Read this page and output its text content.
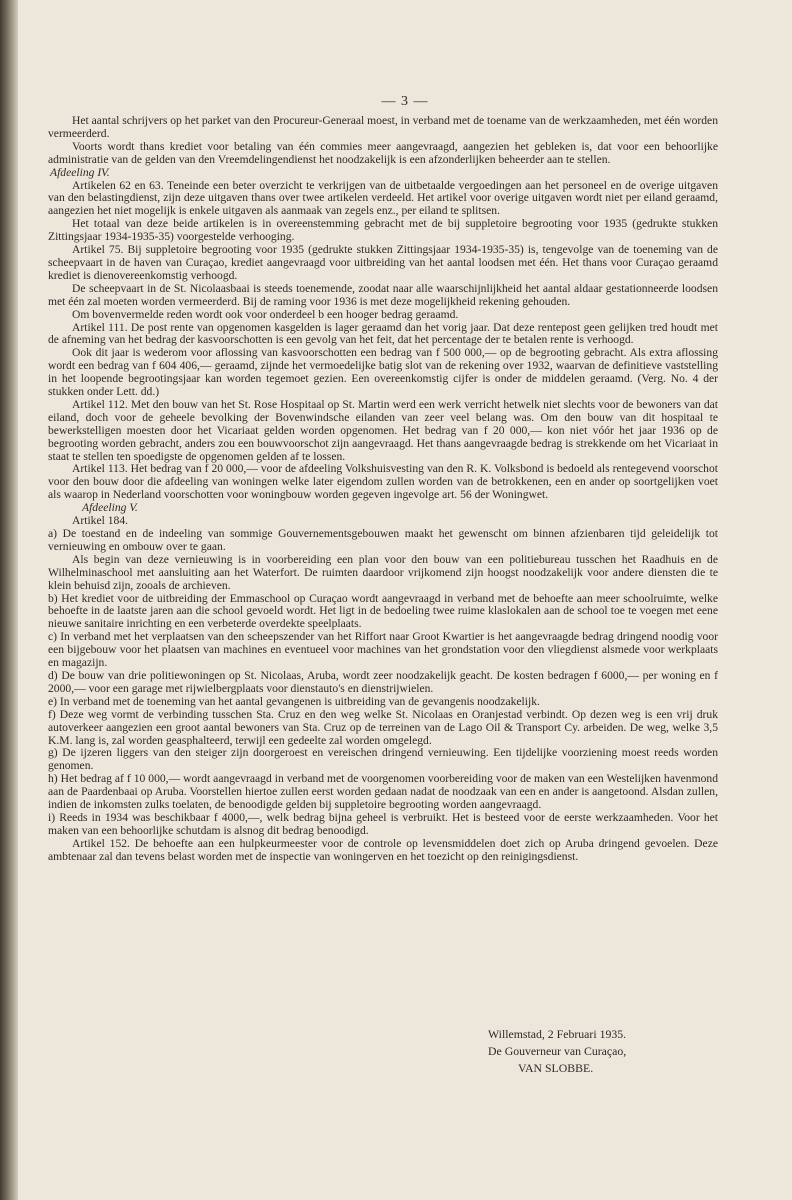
— 3 —

Het aantal schrijvers op het parket van den Procureur-Generaal moest, in verband met de toename van de werkzaamheden, met één worden vermeerderd.

Voorts wordt thans krediet voor betaling van één commies meer aangevraagd, aangezien het gebleken is, dat voor een behoorlijke administratie van de gelden van den Vreemdelingendienst het noodzakelijk is een afzonderlijken beheerder aan te stellen.

Afdeeling IV.

Artikelen 62 en 63. Teneinde een beter overzicht te verkrijgen van de uitbetaalde vergoedingen aan het personeel en de overige uitgaven van den belastingdienst, zijn deze uitgaven thans over twee artikelen verdeeld. Het artikel voor overige uitgaven wordt niet per eiland geraamd, aangezien het niet mogelijk is enkele uitgaven als aanmaak van zegels enz., per eiland te splitsen.

Het totaal van deze beide artikelen is in overeenstemming gebracht met de bij suppletoire begrooting voor 1935 (gedrukte stukken Zittingsjaar 1934-1935-35) voorgestelde verhooging.

Artikel 75. Bij suppletoire begrooting voor 1935 (gedrukte stukken Zittingsjaar 1934-1935-35) is, tengevolge van de toeneming van de scheepvaart in de haven van Curaçao, krediet aangevraagd voor uitbreiding van het aantal loodsen met één. Het thans voor Curaçao geraamd krediet is dienovereenkomstig verhoogd.

De scheepvaart in de St. Nicolaasbaai is steeds toenemende, zoodat naar alle waarschijnlijkheid het aantal aldaar gestationneerde loodsen met één zal moeten worden vermeerderd. Bij de raming voor 1936 is met deze mogelijkheid rekening gehouden.

Om bovenvermelde reden wordt ook voor onderdeel b een hooger bedrag geraamd.

Artikel 111. De post rente van opgenomen kasgelden is lager geraamd dan het vorig jaar. Dat deze rentepost geen gelijken tred houdt met de afneming van het bedrag der kasvoorschotten is een gevolg van het feit, dat het percentage der te betalen rente is verhoogd.

Ook dit jaar is wederom voor aflossing van kasvoorschotten een bedrag van f 500 000,— op de begrooting gebracht. Als extra aflossing wordt een bedrag van f 604 406,— geraamd, zijnde het vermoedelijke batig slot van de rekening over 1932, waarvan de definitieve vaststelling in het loopende begrootingsjaar kan worden tegemoet gezien. Een overeenkomstig cijfer is onder de middelen geraamd. (Verg. No. 4 der stukken onder Lett. dd.)

Artikel 112. Met den bouw van het St. Rose Hospitaal op St. Martin werd een werk verricht hetwelk niet slechts voor de bewoners van dat eiland, doch voor de geheele bevolking der Bovenwindsche eilanden van zeer veel belang was. Om den bouw van dit hospitaal te bewerkstelligen moesten door het Vicariaat gelden worden opgenomen. Het bedrag van f 20 000,— kon niet vóór het jaar 1936 op de begrooting worden gebracht, anders zou een bouwvoorschot zijn aangevraagd. Het thans aangevraagde bedrag is strekkende om het Vicariaat in staat te stellen ten spoedigste de opgenomen gelden af te lossen.

Artikel 113. Het bedrag van f 20 000,— voor de afdeeling Volkshuisvesting van den R. K. Volksbond is bedoeld als rentegevend voorschot voor den bouw door die afdeeling van woningen welke later eigendom zullen worden van de betrokkenen, een en ander op soortgelijken voet als waarop in Nederland voorschotten voor woningbouw worden gegeven ingevolge art. 56 der Woningwet.

Afdeeling V.

Artikel 184.

a) De toestand en de indeeling van sommige Gouvernementsgebouwen maakt het gewenscht om binnen afzienbaren tijd geleidelijk tot vernieuwing en ombouw over te gaan.

Als begin van deze vernieuwing is in voorbereiding een plan voor den bouw van een politiebureau tusschen het Raadhuis en de Wilhelminaschool met aansluiting aan het Waterfort. De ruimten daardoor vrijkomend zijn hoogst noodzakelijk voor andere diensten die te klein behuisd zijn, zooals de archieven.

b) Het krediet voor de uitbreiding der Emmaschool op Curaçao wordt aangevraagd in verband met de behoefte aan meer schoolruimte, welke behoefte in de laatste jaren aan die school gevoeld wordt. Het ligt in de bedoeling twee ruime klaslokalen aan de school toe te voegen met eene nieuwe sanitaire inrichting en een verbeterde overdekte speelplaats.

c) In verband met het verplaatsen van den scheepszender van het Riffort naar Groot Kwartier is het aangevraagde bedrag dringend noodig voor een bijgebouw voor het plaatsen van machines en eventueel voor machines van het grondstation voor den vliegdienst alsmede voor werkplaats en magazijn.

d) De bouw van drie politiewoningen op St. Nicolaas, Aruba, wordt zeer noodzakelijk geacht. De kosten bedragen f 6000,— per woning en f 2000,— voor een garage met rijwielbergplaats voor dienstauto's en dienstrijwielen.

e) In verband met de toeneming van het aantal gevangenen is uitbreiding van de gevangenis noodzakelijk.

f) Deze weg vormt de verbinding tusschen Sta. Cruz en den weg welke St. Nicolaas en Oranjestad verbindt. Op dezen weg is een vrij druk autoverkeer aangezien een groot aantal bewoners van Sta. Cruz op de terreinen van de Lago Oil & Transport Cy. arbeiden. De weg, welke 3,5 K.M. lang is, zal worden geasphalteerd, terwijl een gedeelte zal worden omgelegd.

g) De ijzeren liggers van den steiger zijn doorgeroest en vereischen dringend vernieuwing. Een tijdelijke voorziening moest reeds worden genomen.

h) Het bedrag af f 10 000,— wordt aangevraagd in verband met de voorgenomen voorbereiding voor de maken van een Westelijken havenmond aan de Paardenbaai op Aruba. Voorstellen hiertoe zullen eerst worden gedaan nadat de noodzaak van een en ander is aangetoond. Alsdan zullen, indien de inkomsten zulks toelaten, de benoodigde gelden bij suppletoire begrooting worden aangevraagd.

i) Reeds in 1934 was beschikbaar f 4000,—, welk bedrag bijna geheel is verbruikt. Het is besteed voor de eerste werkzaamheden. Voor het maken van een behoorlijke schutdam is alsnog dit bedrag benoodigd.

Artikel 152. De behoefte aan een hulpkeurmeester voor de controle op levensmiddelen doet zich op Aruba dringend gevoelen. Deze ambtenaar zal dan tevens belast worden met de inspectie van woningerven en het toezicht op den reinigingsdienst.

Willemstad, 2 Februari 1935.
De Gouverneur van Curaçao,
VAN SLOBBE.
